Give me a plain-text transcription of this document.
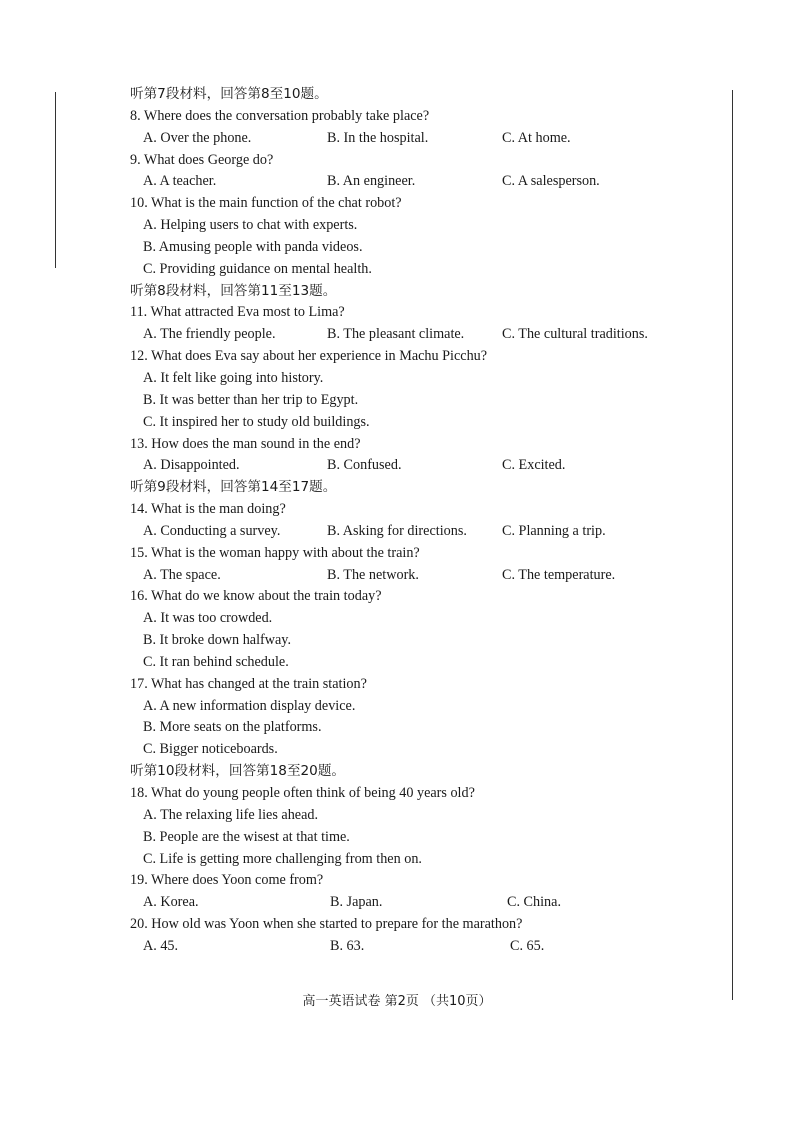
听第7段材料，回答第8至10题。
8. Where does the conversation probably take place?
A. Over the phone.	B. In the hospital.	C. At home.
9. What does George do?
A. A teacher.	B. An engineer.	C. A salesperson.
10. What is the main function of the chat robot?
A. Helping users to chat with experts.
B. Amusing people with panda videos.
C. Providing guidance on mental health.
听第8段材料，回答第11至13题。
11. What attracted Eva most to Lima?
A. The friendly people.	B. The pleasant climate.	C. The cultural traditions.
12. What does Eva say about her experience in Machu Picchu?
A. It felt like going into history.
B. It was better than her trip to Egypt.
C. It inspired her to study old buildings.
13. How does the man sound in the end?
A. Disappointed.	B. Confused.	C. Excited.
听第9段材料，回答第14至17题。
14. What is the man doing?
A. Conducting a survey.	B. Asking for directions. C. Planning a trip.
15. What is the woman happy with about the train?
A. The space.	B. The network.	C. The temperature.
16. What do we know about the train today?
A. It was too crowded.
B. It broke down halfway.
C. It ran behind schedule.
17. What has changed at the train station?
A. A new information display device.
B. More seats on the platforms.
C. Bigger noticeboards.
听第10段材料，回答第18至20题。
18. What do young people often think of being 40 years old?
A. The relaxing life lies ahead.
B. People are the wisest at that time.
C. Life is getting more challenging from then on.
19. Where does Yoon come from?
A. Korea.	B. Japan.	C. China.
20. How old was Yoon when she started to prepare for the marathon?
A. 45.	B. 63.	C. 65.
高一英语试卷 第2页 （共10页）
